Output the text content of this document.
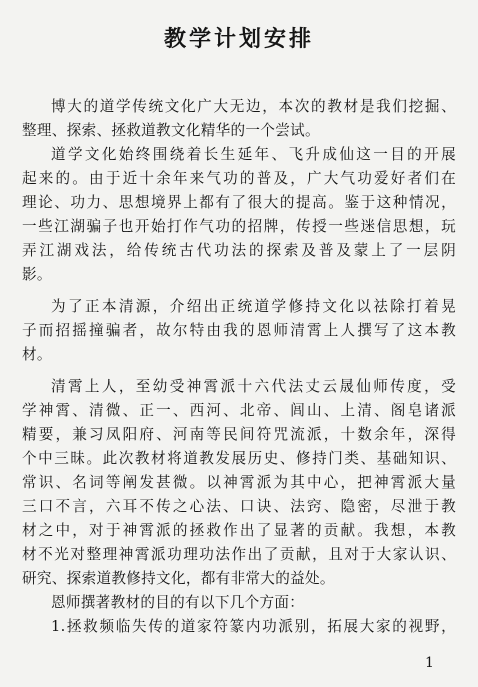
教学计划安排
博大的道学传统文化广大无边，本次的教材是我们挖掘、
整理、探索、拯救道教文化精华的一个尝试。
道学文化始终围绕着长生延年、飞升成仙这一目的开展
起来的。由于近十余年来气功的普及，广大气功爱好者们在
理论、功力、思想境界上都有了很大的提高。鉴于这种情况，
一些江湖骗子也开始打作气功的招牌，传授一些迷信思想，玩
弄江湖戏法，给传统古代功法的探索及普及蒙上了一层阴
影。
为了正本清源，介绍出正统道学修持文化以祛除打着晃
子而招摇撞骗者，故尔特由我的恩师清霄上人撰写了这本教
材。
清霄上人，至幼受神霄派十六代法丈云晟仙师传度，受
学神霄、清微、正一、西河、北帝、闾山、上清、阁皂诸派
精要，兼习凤阳府、河南等民间符咒流派，十数余年，深得
个中三昧。此次教材将道教发展历史、修持门类、基础知识、
常识、名词等阐发甚微。以神霄派为其中心，把神霄派大量
三口不言，六耳不传之心法、口诀、法窍、隐密，尽泄于教
材之中，对于神霄派的拯救作出了显著的贡献。我想，本教
材不光对整理神霄派功理功法作出了贡献，且对于大家认识、
研究、探索道教修持文化，都有非常大的益处。
恩师撰著教材的目的有以下几个方面：
1.拯救频临失传的道家符篆内功派别，拓展大家的视野，
1
